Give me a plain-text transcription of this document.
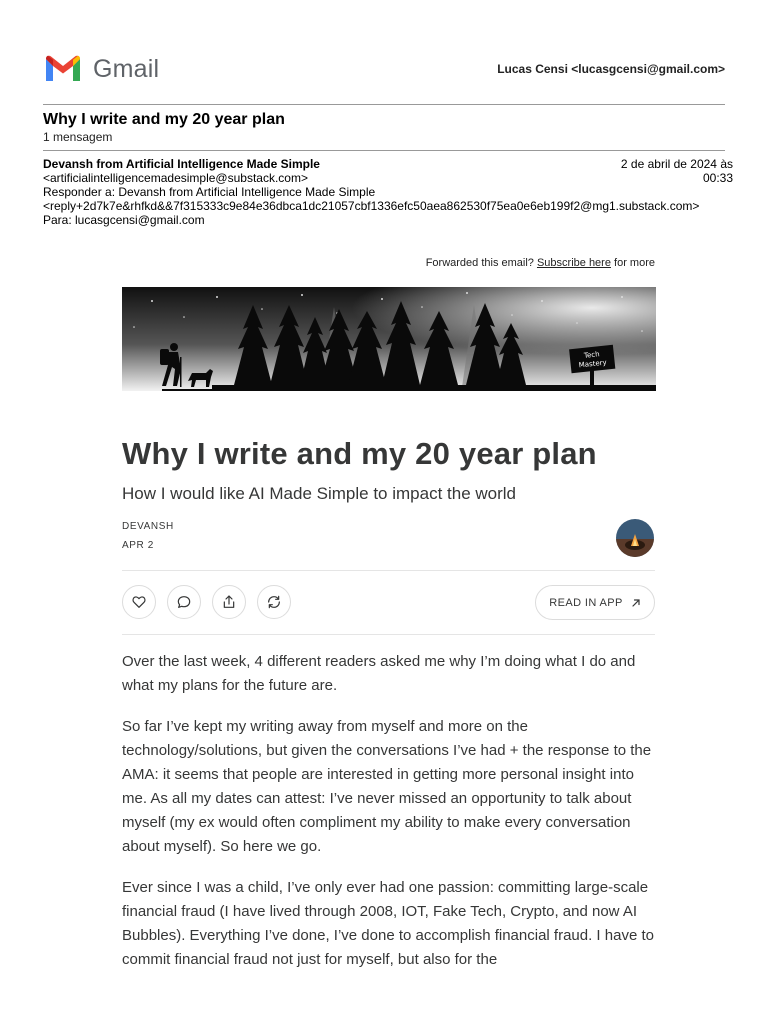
Gmail	Lucas Censi <lucasgcensi@gmail.com>
Why I write and my 20 year plan
1 mensagem
Devansh from Artificial Intelligence Made Simple
<artificialintelligencemadesimple@substack.com>
Responder a: Devansh from Artificial Intelligence Made Simple
<reply+2d7k7e&rhfkd&&7f315333c9e84e36dbca1dc21057cbf1336efc50aea862530f75ea0e6eb199f2@mg1.substack.com>
Para: lucasgcensi@gmail.com
2 de abril de 2024 às
00:33
Forwarded this email? Subscribe here for more
Tech
Mastery
Why I write and my 20 year plan
How I would like AI Made Simple to impact the world
DEVANSH
APR 2
READ IN APP

Over the last week, 4 different readers asked me why I’m doing what I do and what my plans for the future are.

So far I’ve kept my writing away from myself and more on the technology/solutions, but given the conversations I’ve had + the response to the AMA: it seems that people are interested in getting more personal insight into me. As all my dates can attest: I’ve never missed an opportunity to talk about myself (my ex would often compliment my ability to make every conversation about myself). So here we go.

Ever since I was a child, I’ve only ever had one passion: committing large-scale financial fraud (I have lived through 2008, IOT, Fake Tech, Crypto, and now AI Bubbles). Everything I’ve done, I’ve done to accomplish financial fraud. I have to commit financial fraud not just for myself, but also for the
